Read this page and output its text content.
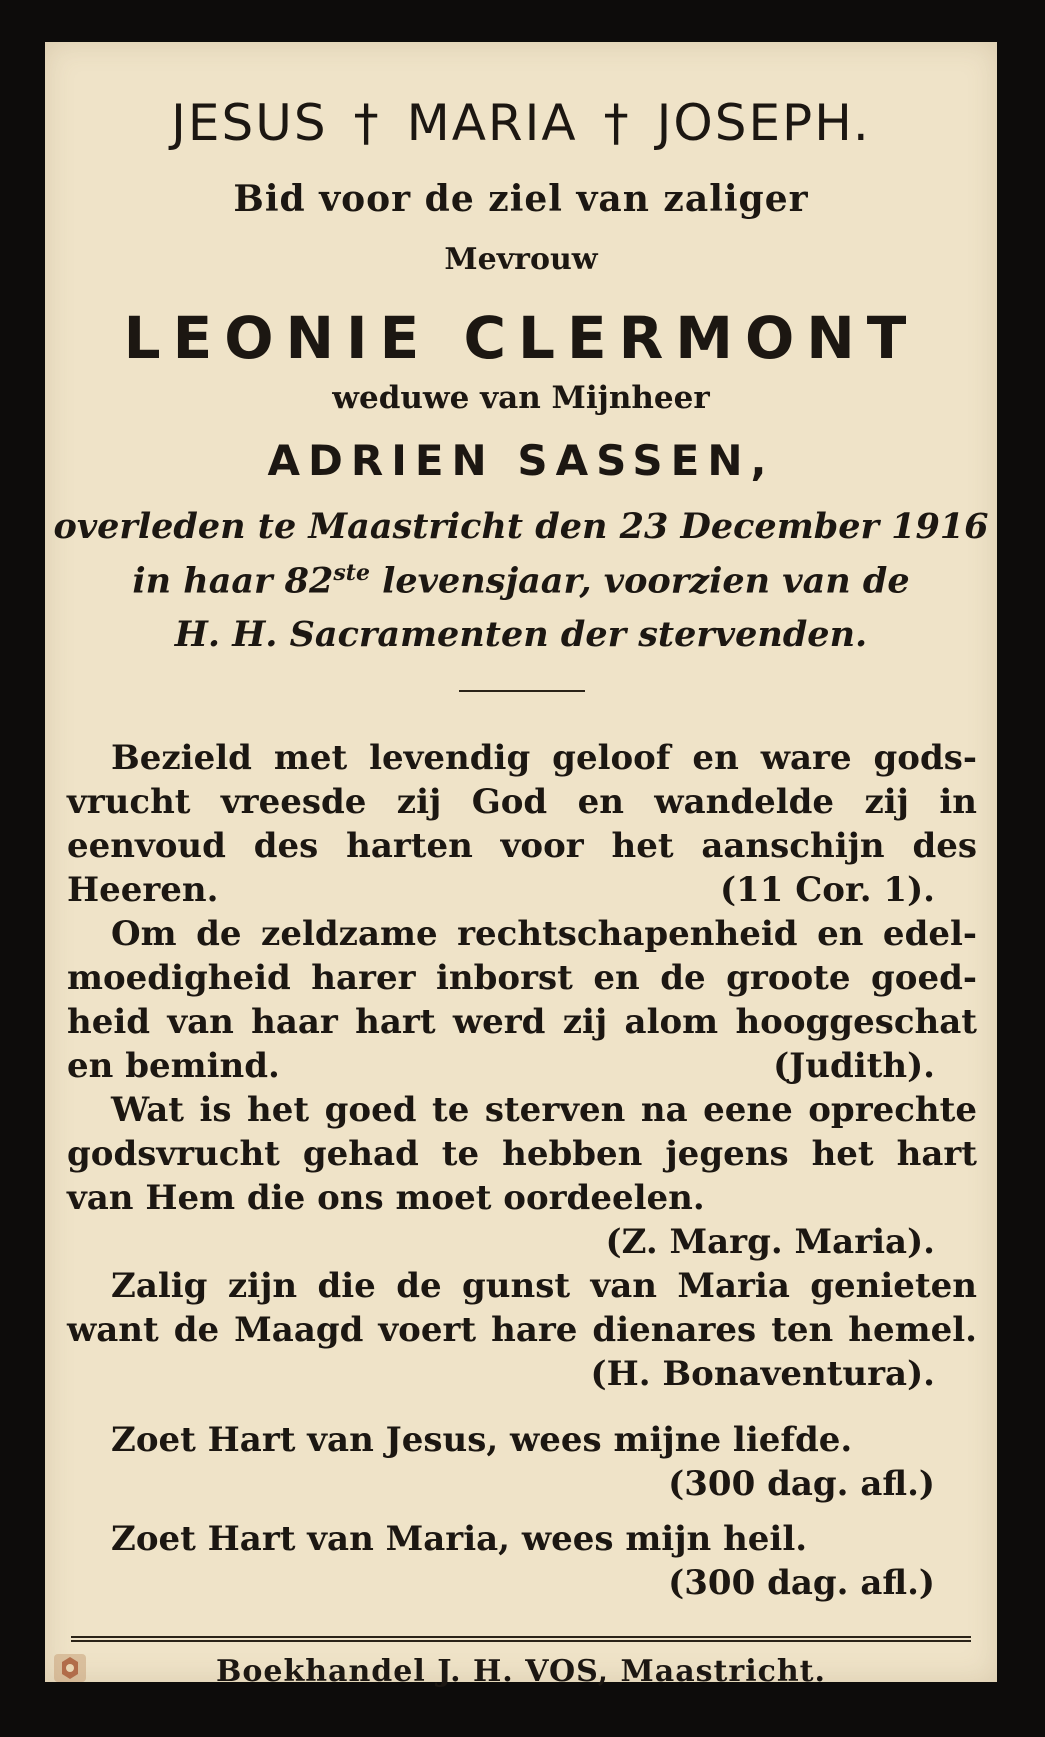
JESUS † MARIA † JOSEPH.
Bid voor de ziel van zaliger
Mevrouw
LEONIE CLERMONT
weduwe van Mijnheer
ADRIEN SASSEN,
overleden te Maastricht den 23 December 1916
in haar 82ste levensjaar, voorzien van de
H. H. Sacramenten der stervenden.
Bezield met levendig geloof en ware gods-
vrucht vreesde zij God en wandelde zij in
eenvoud des harten voor het aanschijn des
Heeren.	(11 Cor. 1).
Om de zeldzame rechtschapenheid en edel-
moedigheid harer inborst en de groote goed-
heid van haar hart werd zij alom hooggeschat
en bemind.	(Judith).
Wat is het goed te sterven na eene oprechte
godsvrucht gehad te hebben jegens het hart
van Hem die ons moet oordeelen.
(Z. Marg. Maria).
Zalig zijn die de gunst van Maria genieten
want de Maagd voert hare dienares ten hemel.
(H. Bonaventura).
Zoet Hart van Jesus, wees mijne liefde.
(300 dag. afl.)
Zoet Hart van Maria, wees mijn heil.
(300 dag. afl.)
Boekhandel J. H. VOS, Maastricht.
